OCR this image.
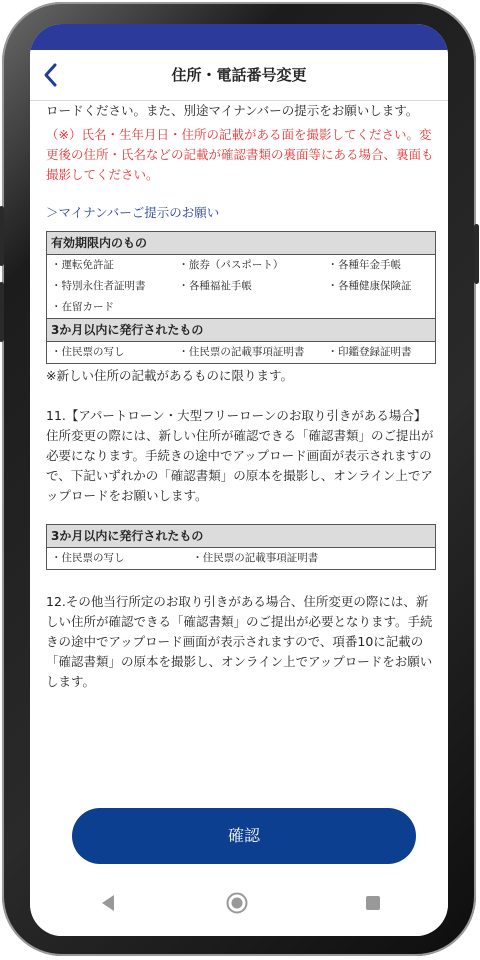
住所・電話番号変更

ロードください。また、別途マイナンバーの提示をお願いします。

（※）氏名・生年月日・住所の記載がある面を撮影してください。変更後の住所・氏名などの記載が確認書類の裏面等にある場合、裏面も撮影してください。

＞マイナンバーご提示のお願い
有効期限内のもの
・運転免許証	・旅券（パスポート）	・各種年金手帳
・特別永住者証明書	・各種福祉手帳	・各種健康保険証
・在留カード
3か月以内に発行されたもの
・住民票の写し	・住民票の記載事項証明書	・印鑑登録証明書

※新しい住所の記載があるものに限ります。

11.【アパートローン・大型フリーローンのお取り引きがある場合】

住所変更の際には、新しい住所が確認できる「確認書類」のご提出が必要になります。手続きの途中でアップロード画面が表示されますので、下記いずれかの「確認書類」の原本を撮影し、オンライン上でアップロードをお願いします。

3か月以内に発行されたもの
・住民票の写し	・住民票の記載事項証明書

12.その他当行所定のお取り引きがある場合、住所変更の際には、新しい住所が確認できる「確認書類」のご提出が必要となります。手続きの途中でアップロード画面が表示されますので、項番10に記載の「確認書類」の原本を撮影し、オンライン上でアップロードをお願いします。

確認
